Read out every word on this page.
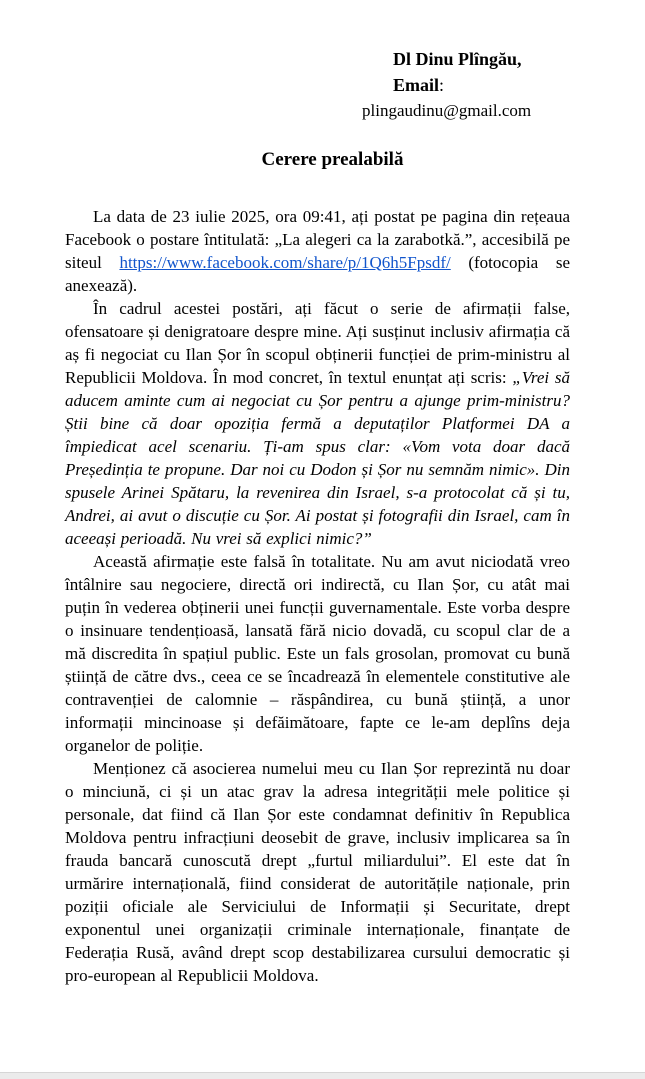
Dl Dinu Plîngău,
Email:
plingaudinu@gmail.com
Cerere prealabilă

La data de 23 iulie 2025, ora 09:41, ați postat pe pagina din rețeaua Facebook o postare întitulată: „La alegeri ca la zarabotkă.”, accesibilă pe siteul https://www.facebook.com/share/p/1Q6h5Fpsdf/ (fotocopia se anexează).

În cadrul acestei postări, ați făcut o serie de afirmații false, ofensatoare și denigratoare despre mine. Ați susținut inclusiv afirmația că aș fi negociat cu Ilan Șor în scopul obținerii funcției de prim-ministru al Republicii Moldova. În mod concret, în textul enunțat ați scris: „Vrei să aducem aminte cum ai negociat cu Șor pentru a ajunge prim-ministru? Știi bine că doar opoziția fermă a deputaților Platformei DA a împiedicat acel scenariu. Ți-am spus clar: «Vom vota doar dacă Președinția te propune. Dar noi cu Dodon și Șor nu semnăm nimic». Din spusele Arinei Spătaru, la revenirea din Israel, s-a protocolat că și tu, Andrei, ai avut o discuție cu Șor. Ai postat și fotografii din Israel, cam în aceeași perioadă. Nu vrei să explici nimic?”

Această afirmație este falsă în totalitate. Nu am avut niciodată vreo întâlnire sau negociere, directă ori indirectă, cu Ilan Șor, cu atât mai puțin în vederea obținerii unei funcții guvernamentale. Este vorba despre o insinuare tendențioasă, lansată fără nicio dovadă, cu scopul clar de a mă discredita în spațiul public. Este un fals grosolan, promovat cu bună știință de către dvs., ceea ce se încadrează în elementele constitutive ale contravenției de calomnie – răspândirea, cu bună știință, a unor informații mincinoase și defăimătoare, fapte ce le-am deplîns deja organelor de poliție.

Menționez că asocierea numelui meu cu Ilan Șor reprezintă nu doar o minciună, ci și un atac grav la adresa integrității mele politice și personale, dat fiind că Ilan Șor este condamnat definitiv în Republica Moldova pentru infracțiuni deosebit de grave, inclusiv implicarea sa în frauda bancară cunoscută drept „furtul miliardului”. El este dat în urmărire internațională, fiind considerat de autoritățile naționale, prin poziții oficiale ale Serviciului de Informații și Securitate, drept exponentul unei organizații criminale internaționale, finanțate de Federația Rusă, având drept scop destabilizarea cursului democratic și pro-european al Republicii Moldova.
